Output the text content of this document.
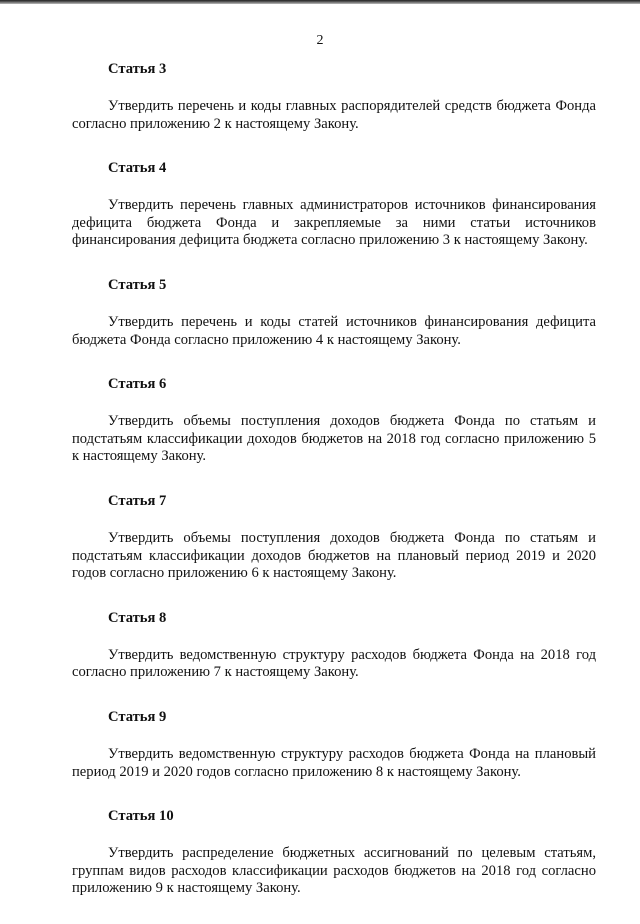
2

Статья 3

Утвердить перечень и коды главных распорядителей средств бюджета Фонда согласно приложению 2 к настоящему Закону.

Статья 4

Утвердить перечень главных администраторов источников финансирования дефицита бюджета Фонда и закрепляемые за ними статьи источников финансирования дефицита бюджета согласно приложению 3 к настоящему Закону.

Статья 5

Утвердить перечень и коды статей источников финансирования дефицита бюджета Фонда согласно приложению 4 к настоящему Закону.

Статья 6

Утвердить объемы поступления доходов бюджета Фонда по статьям и подстатьям классификации доходов бюджетов на 2018 год согласно приложению 5 к настоящему Закону.

Статья 7

Утвердить объемы поступления доходов бюджета Фонда по статьям и подстатьям классификации доходов бюджетов на плановый период 2019 и 2020 годов согласно приложению 6 к настоящему Закону.

Статья 8

Утвердить ведомственную структуру расходов бюджета Фонда на 2018 год согласно приложению 7 к настоящему Закону.

Статья 9

Утвердить ведомственную структуру расходов бюджета Фонда на плановый период 2019 и 2020 годов согласно приложению 8 к настоящему Закону.

Статья 10

Утвердить распределение бюджетных ассигнований по целевым статьям, группам видов расходов классификации расходов бюджетов на 2018 год согласно приложению 9 к настоящему Закону.
